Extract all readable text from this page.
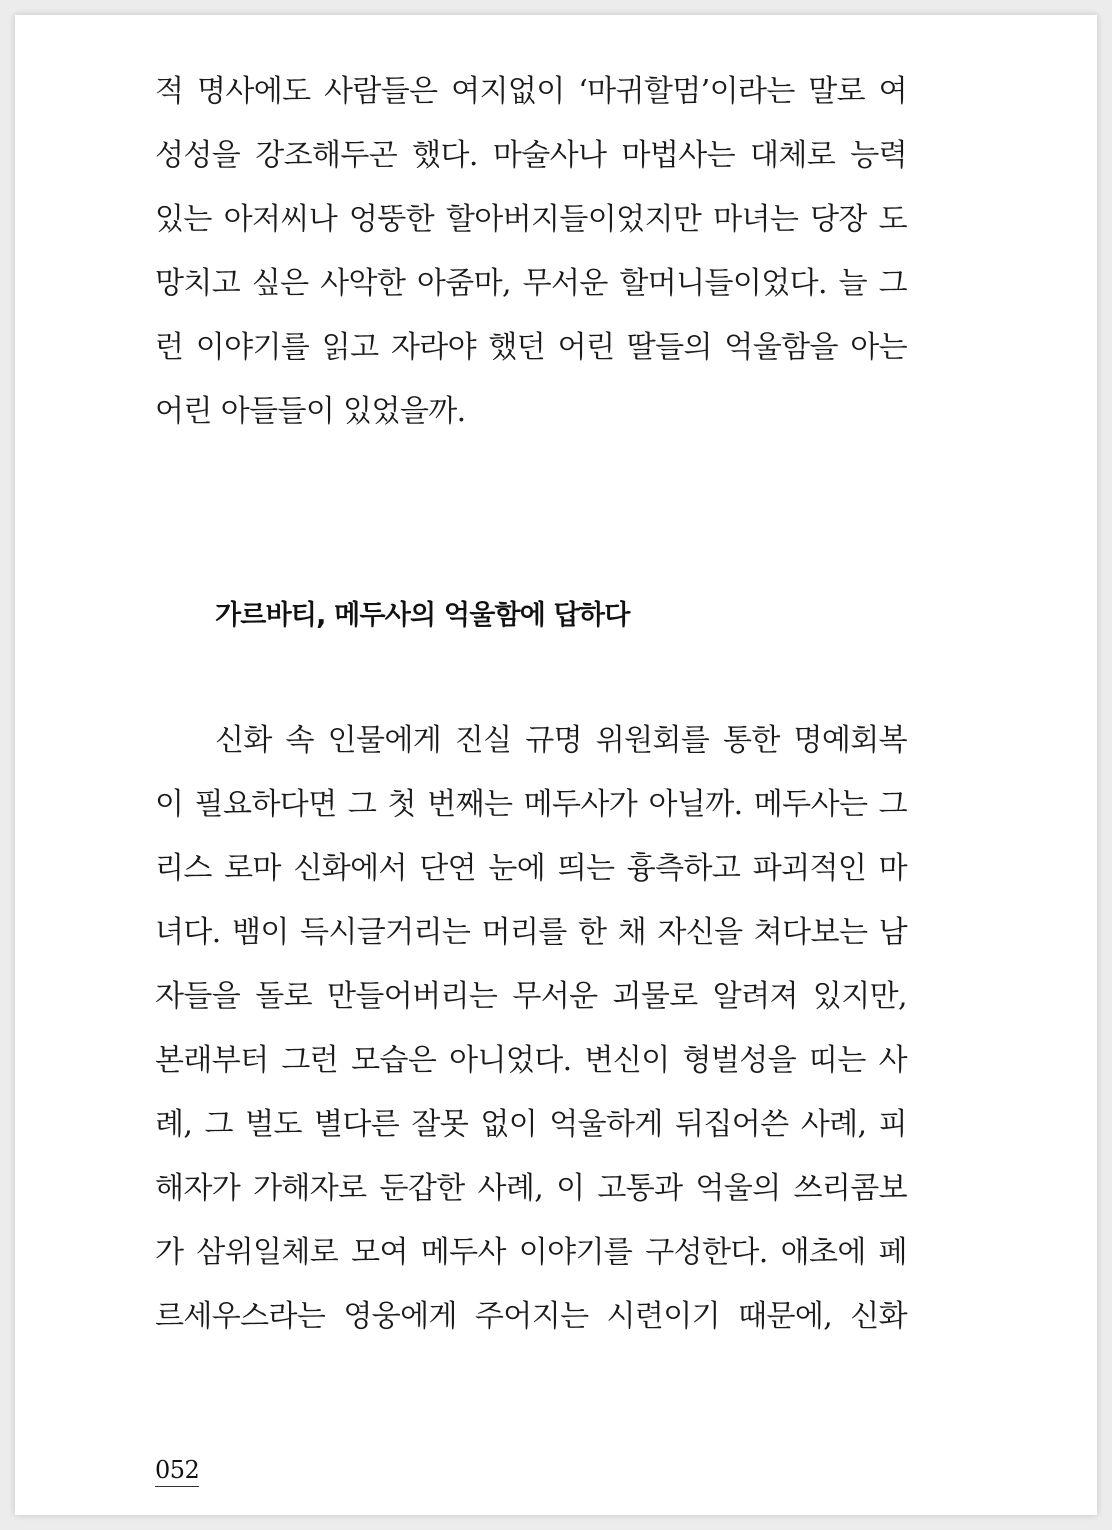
적 명사에도 사람들은 여지없이 ‘마귀할멈’이라는 말로 여
성성을 강조해두곤 했다. 마술사나 마법사는 대체로 능력
있는 아저씨나 엉뚱한 할아버지들이었지만 마녀는 당장 도
망치고 싶은 사악한 아줌마, 무서운 할머니들이었다. 늘 그
런 이야기를 읽고 자라야 했던 어린 딸들의 억울함을 아는
어린 아들들이 있었을까.
가르바티, 메두사의 억울함에 답하다
신화 속 인물에게 진실 규명 위원회를 통한 명예회복
이 필요하다면 그 첫 번째는 메두사가 아닐까. 메두사는 그
리스 로마 신화에서 단연 눈에 띄는 흉측하고 파괴적인 마
녀다. 뱀이 득시글거리는 머리를 한 채 자신을 쳐다보는 남
자들을 돌로 만들어버리는 무서운 괴물로 알려져 있지만,
본래부터 그런 모습은 아니었다. 변신이 형벌성을 띠는 사
례, 그 벌도 별다른 잘못 없이 억울하게 뒤집어쓴 사례, 피
해자가 가해자로 둔갑한 사례, 이 고통과 억울의 쓰리콤보
가 삼위일체로 모여 메두사 이야기를 구성한다. 애초에 페
르세우스라는 영웅에게 주어지는 시련이기 때문에, 신화
052
